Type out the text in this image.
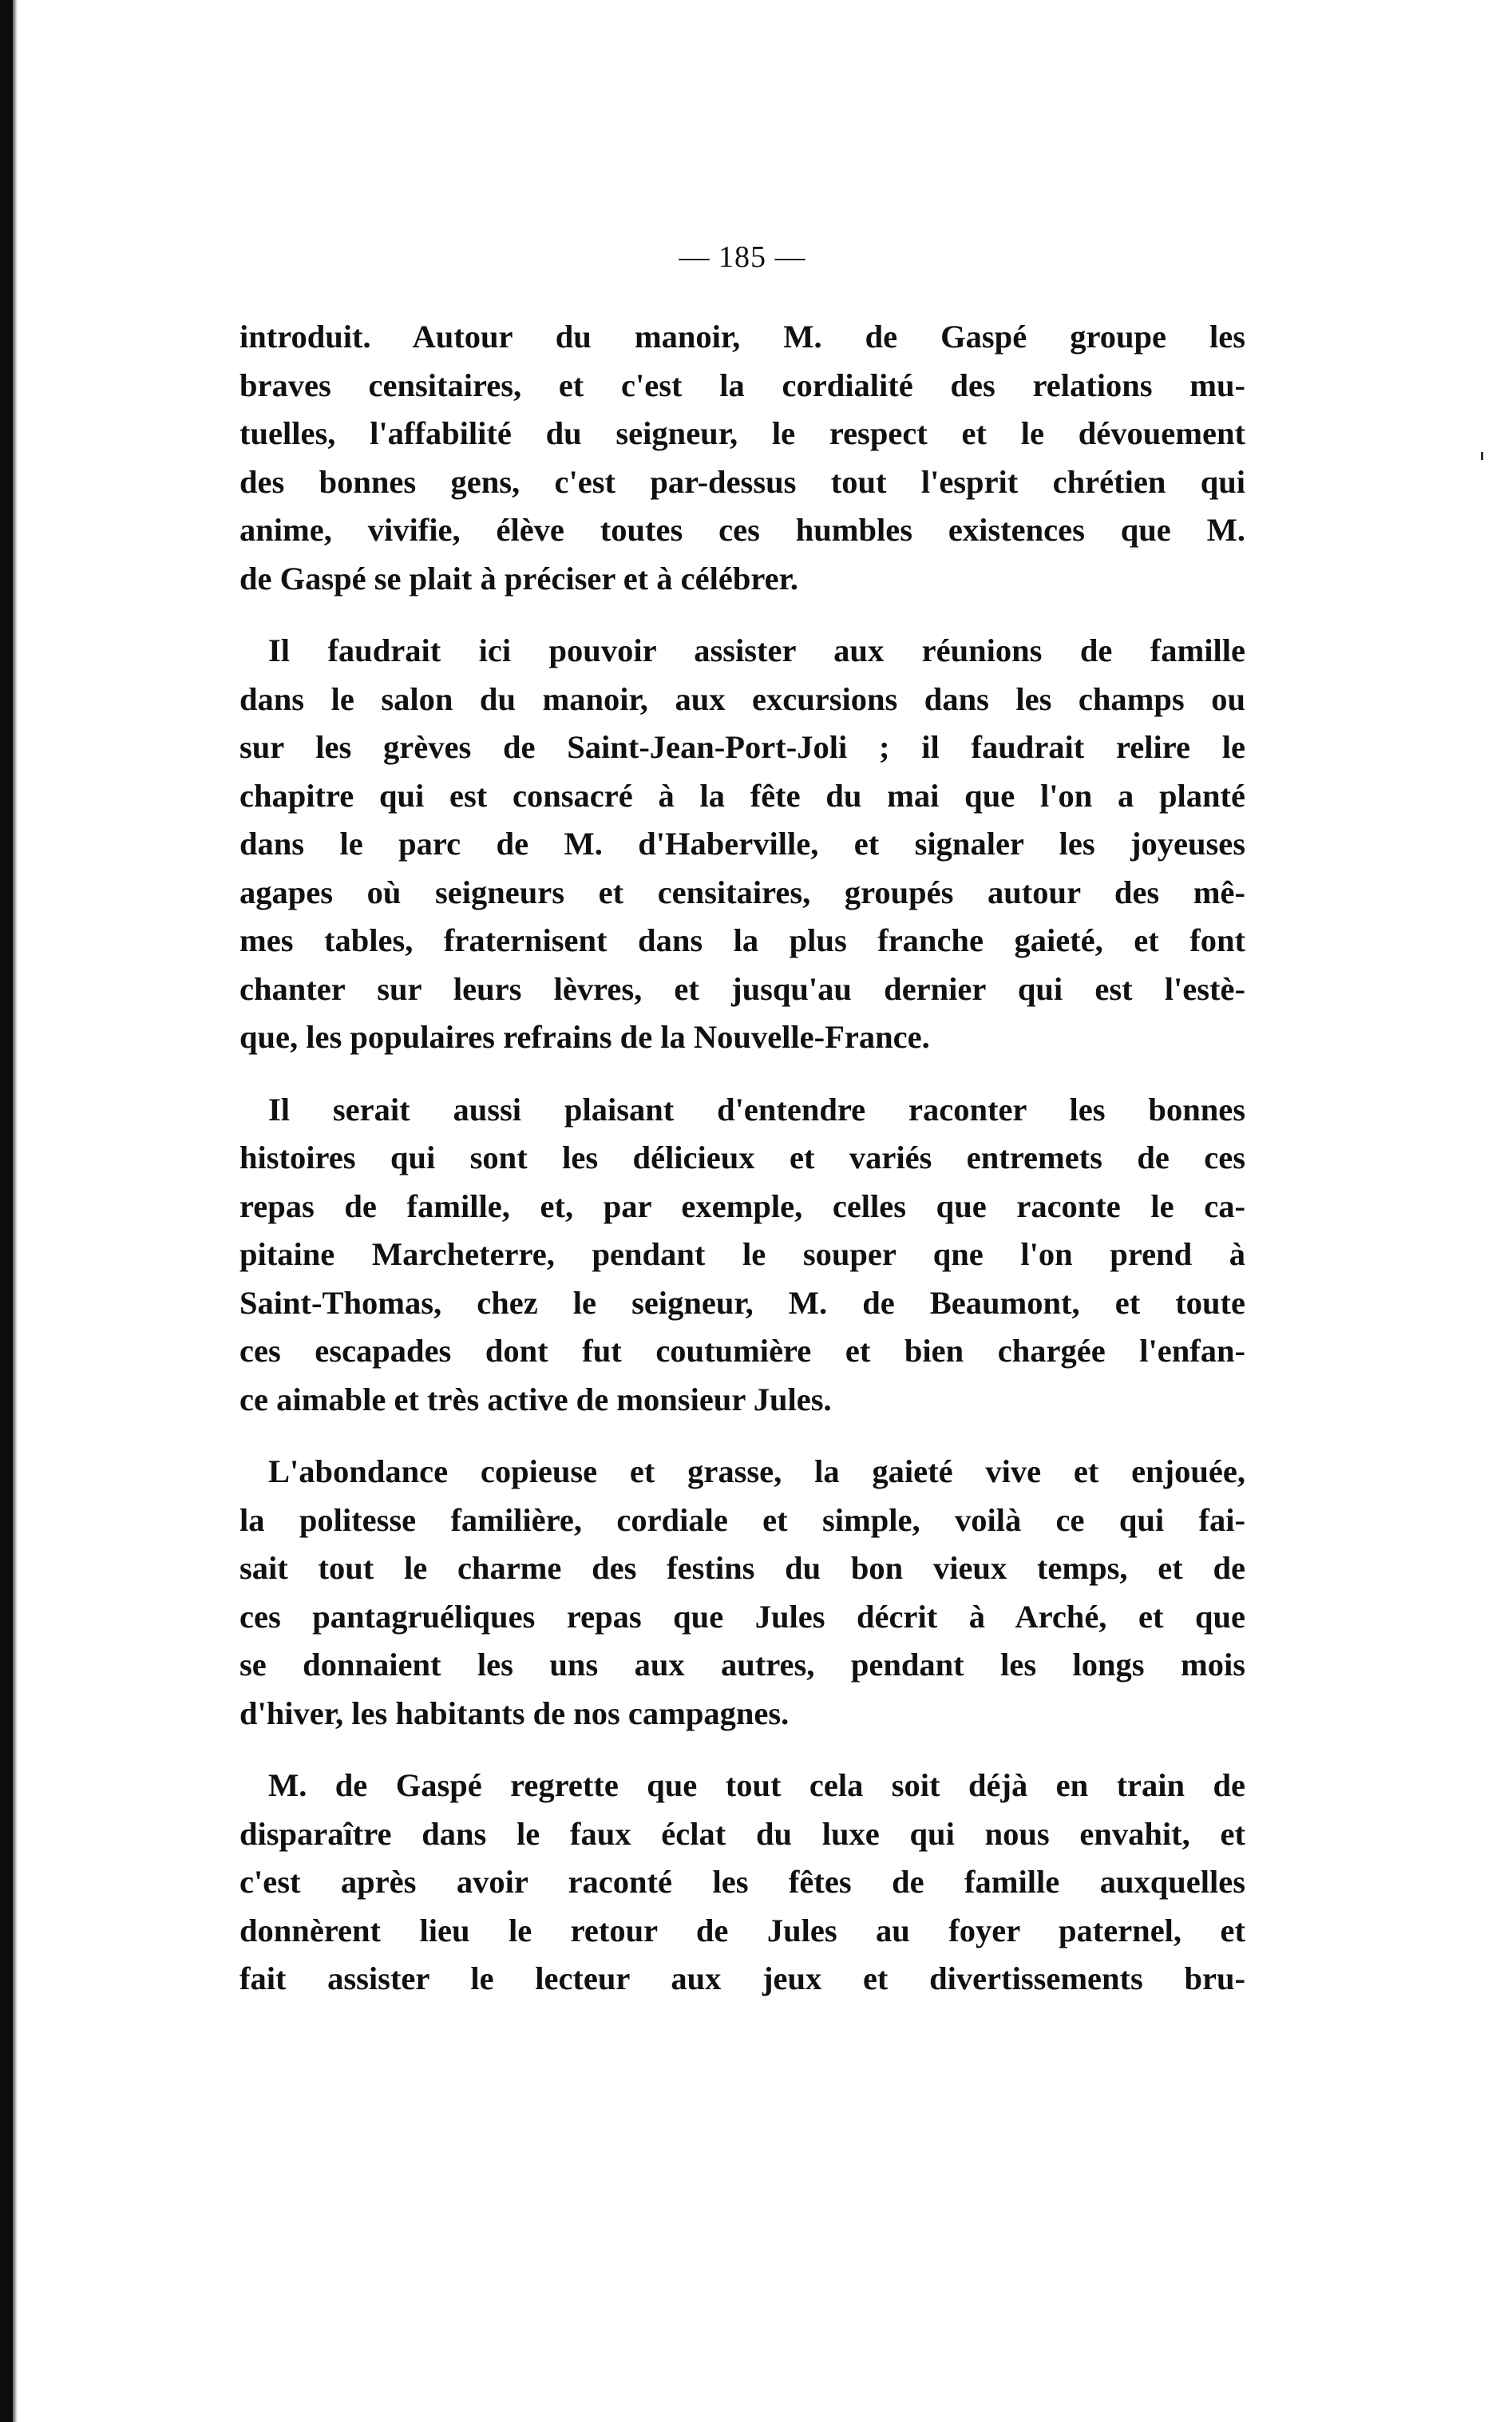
— 185 —
introduit. Autour du manoir, M. de Gaspé groupe les
braves censitaires, et c'est la cordialité des relations mu-
tuelles, l'affabilité du seigneur, le respect et le dévouement
des bonnes gens, c'est par-dessus tout l'esprit chrétien qui
anime, vivifie, élève toutes ces humbles existences que M.
de Gaspé se plait à préciser et à célébrer.
Il faudrait ici pouvoir assister aux réunions de famille
dans le salon du manoir, aux excursions dans les champs ou
sur les grèves de Saint-Jean-Port-Joli ; il faudrait relire le
chapitre qui est consacré à la fête du mai que l'on a planté
dans le parc de M. d'Haberville, et signaler les joyeuses
agapes où seigneurs et censitaires, groupés autour des mê-
mes tables, fraternisent dans la plus franche gaieté, et font
chanter sur leurs lèvres, et jusqu'au dernier qui est l'estè-
que, les populaires refrains de la Nouvelle-France.
Il serait aussi plaisant d'entendre raconter les bonnes
histoires qui sont les délicieux et variés entremets de ces
repas de famille, et, par exemple, celles que raconte le ca-
pitaine Marcheterre, pendant le souper qne l'on prend à
Saint-Thomas, chez le seigneur, M. de Beaumont, et toute
ces escapades dont fut coutumière et bien chargée l'enfan-
ce aimable et très active de monsieur Jules.
L'abondance copieuse et grasse, la gaieté vive et enjouée,
la politesse familière, cordiale et simple, voilà ce qui fai-
sait tout le charme des festins du bon vieux temps, et de
ces pantagruéliques repas que Jules décrit à Arché, et que
se donnaient les uns aux autres, pendant les longs mois
d'hiver, les habitants de nos campagnes.
M. de Gaspé regrette que tout cela soit déjà en train de
disparaître dans le faux éclat du luxe qui nous envahit, et
c'est après avoir raconté les fêtes de famille auxquelles
donnèrent lieu le retour de Jules au foyer paternel, et
fait assister le lecteur aux jeux et divertissements bru-
